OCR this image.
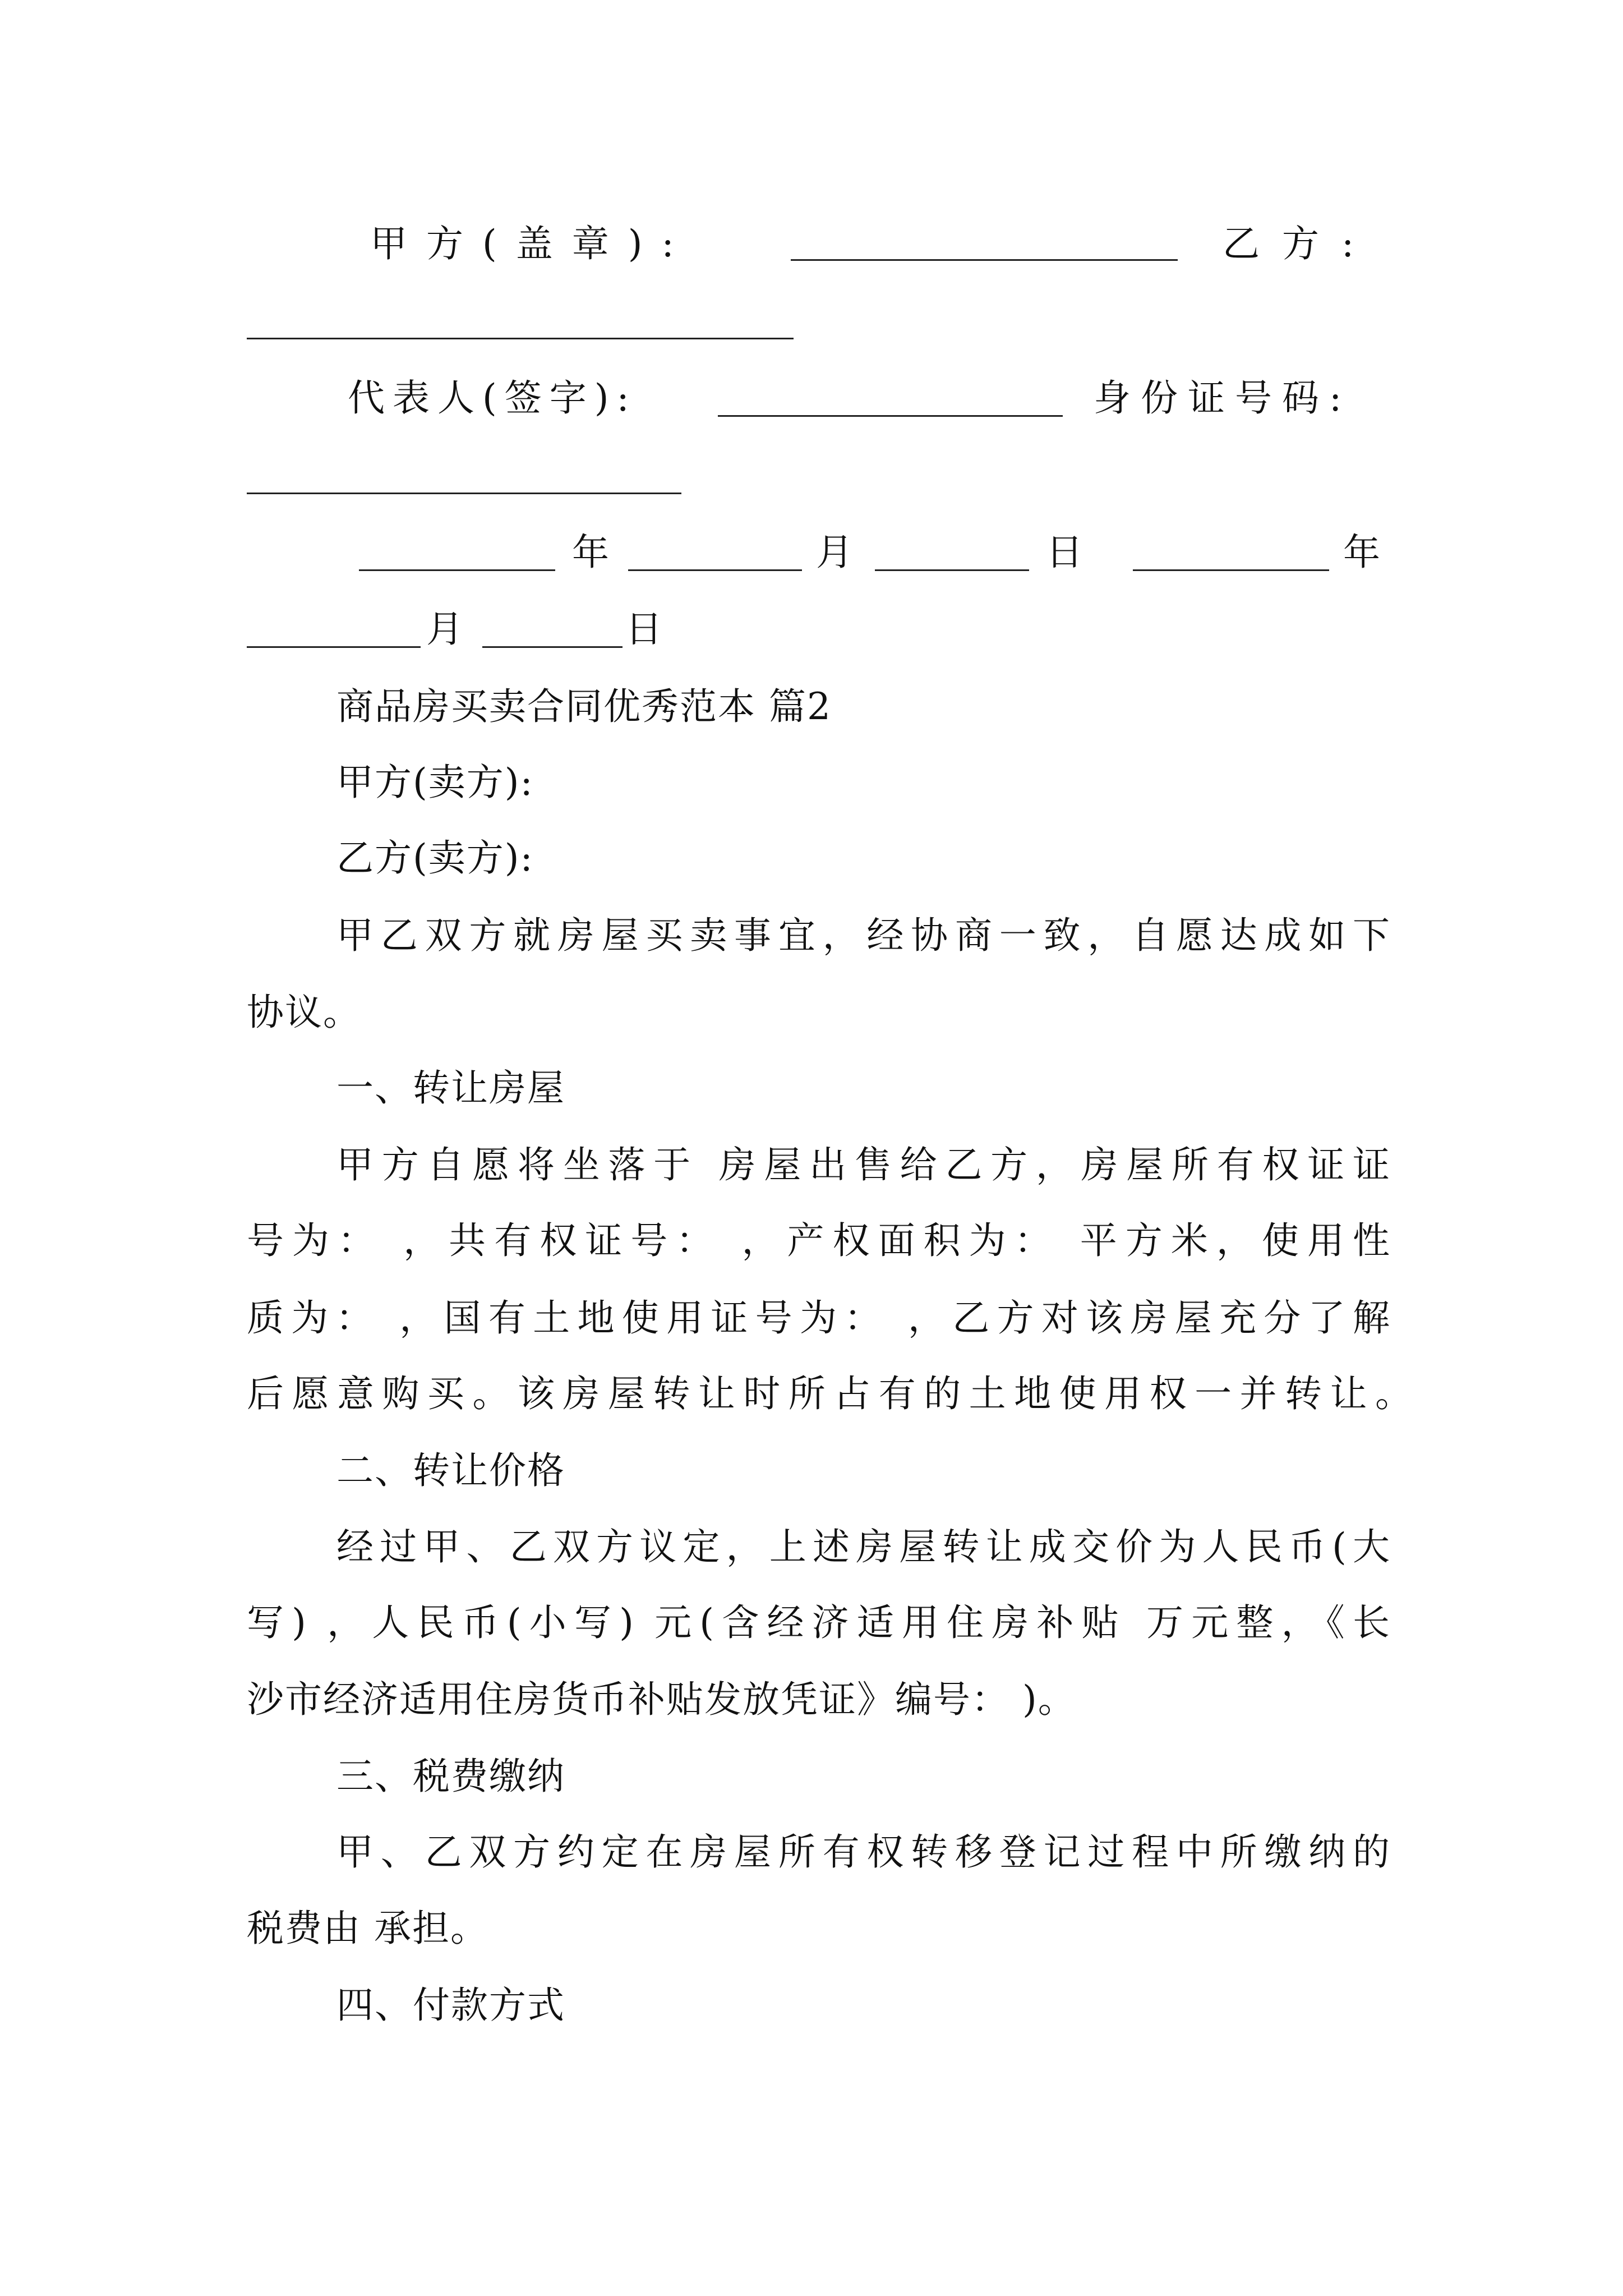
甲方(盖章):	乙方:
代表人(签字):	身份证号码:
年	月	日	年
月	日
商品房买卖合同优秀范本 篇2
甲方(卖方):
乙方(卖方):
甲乙双方就房屋买卖事宜，经协商一致，自愿达成如下
协议。
一、转让房屋
甲方自愿将坐落于 房屋出售给乙方，房屋所有权证证
号为： ，共有权证号： ，产权面积为： 平方米，使用性
质为： ，国有土地使用证号为： ，乙方对该房屋充分了解
后愿意购买。该房屋转让时所占有的土地使用权一并转让。
二、转让价格
经过甲、乙双方议定，上述房屋转让成交价为人民币(大
写) ，人民币(小写) 元(含经济适用住房补贴 万元整，《长
沙市经济适用住房货币补贴发放凭证》编号： )。
三、税费缴纳
甲、乙双方约定在房屋所有权转移登记过程中所缴纳的
税费由 承担。
四、付款方式
